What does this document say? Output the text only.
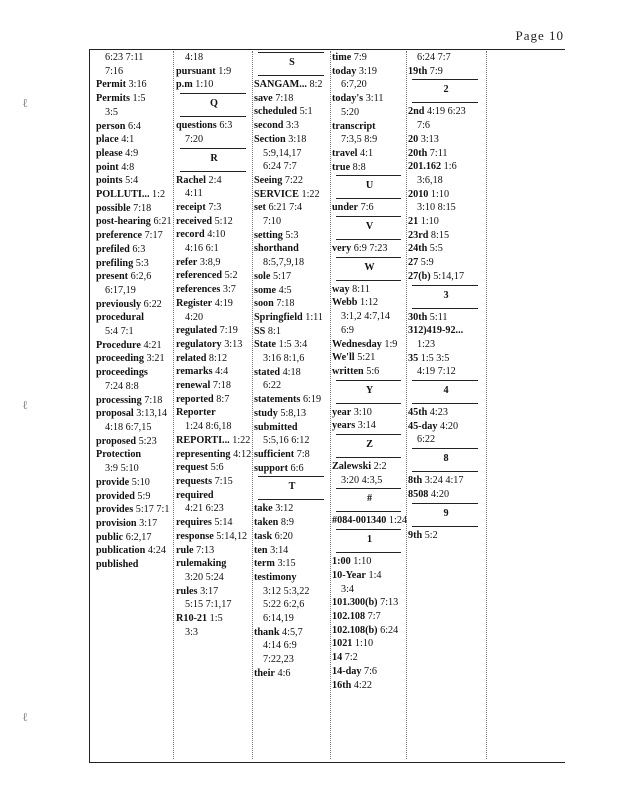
Page 10
6:23 7:11
7:16
Permit 3:16
Permits 1:5
3:5
person 6:4
place 4:1
please 4:9
point 4:8
points 5:4
POLLUTI... 1:2
possible 7:18
post-hearing 6:21
preference 7:17
prefiled 6:3
prefiling 5:3
present 6:2,6
6:17,19
previously 6:22
procedural
5:4 7:1
Procedure 4:21
proceeding 3:21
proceedings
7:24 8:8
processing 7:18
proposal 3:13,14
4:18 6:7,15
proposed 5:23
Protection
3:9 5:10
provide 5:10
provided 5:9
provides 5:17 7:1
provision 3:17
public 6:2,17
publication 4:24
published
4:18
pursuant 1:9
p.m 1:10
Q
questions 6:3
7:20
R
Rachel 2:4
4:11
receipt 7:3
received 5:12
record 4:10
4:16 6:1
refer 3:8,9
referenced 5:2
references 3:7
Register 4:19
4:20
regulated 7:19
regulatory 3:13
related 8:12
remarks 4:4
renewal 7:18
reported 8:7
Reporter
1:24 8:6,18
REPORTI... 1:22
representing 4:12
request 5:6
requests 7:15
required
4:21 6:23
requires 5:14
response 5:14,12
rule 7:13
rulemaking
3:20 5:24
rules 3:17
5:15 7:1,17
R10-21 1:5
3:3
S
SANGAM... 8:2
save 7:18
scheduled 5:1
second 3:3
Section 3:18
5:9,14,17
6:24 7:7
Seeing 7:22
SERVICE 1:22
set 6:21 7:4
7:10
setting 5:3
shorthand
8:5,7,9,18
sole 5:17
some 4:5
soon 7:18
Springfield 1:11
SS 8:1
State 1:5 3:4
3:16 8:1,6
stated 4:18
6:22
statements 6:19
study 5:8,13
submitted
5:5,16 6:12
sufficient 7:8
support 6:6
T
take 3:12
taken 8:9
task 6:20
ten 3:14
term 3:15
testimony
3:12 5:3,22
5:22 6:2,6
6:14,19
thank 4:5,7
4:14 6:9
7:22,23
their 4:6
time 7:9
today 3:19
6:7,20
today's 3:11
5:20
transcript
7:3,5 8:9
travel 4:1
true 8:8
U
under 7:6
V
very 6:9 7:23
W
way 8:11
Webb 1:12
3:1,2 4:7,14
6:9
Wednesday 1:9
We'll 5:21
written 5:6
Y
year 3:10
years 3:14
Z
Zalewski 2:2
3:20 4:3,5
#
#084-001340 1:24
1
1:00 1:10
10-Year 1:4
3:4
101.300(b) 7:13
102.108 7:7
102.108(b) 6:24
1021 1:10
14 7:2
14-day 7:6
16th 4:22
6:24 7:7
19th 7:9
2
2nd 4:19 6:23
7:6
20 3:13
20th 7:11
201.162 1:6
3:6,18
2010 1:10
3:10 8:15
21 1:10
23rd 8:15
24th 5:5
27 5:9
27(b) 5:14,17
3
30th 5:11
312)419-92...
1:23
35 1:5 3:5
4:19 7:12
4
45th 4:23
45-day 4:20
6:22
8
8th 3:24 4:17
8508 4:20
9
9th 5:2
ℓ
ℓ
ℓ
